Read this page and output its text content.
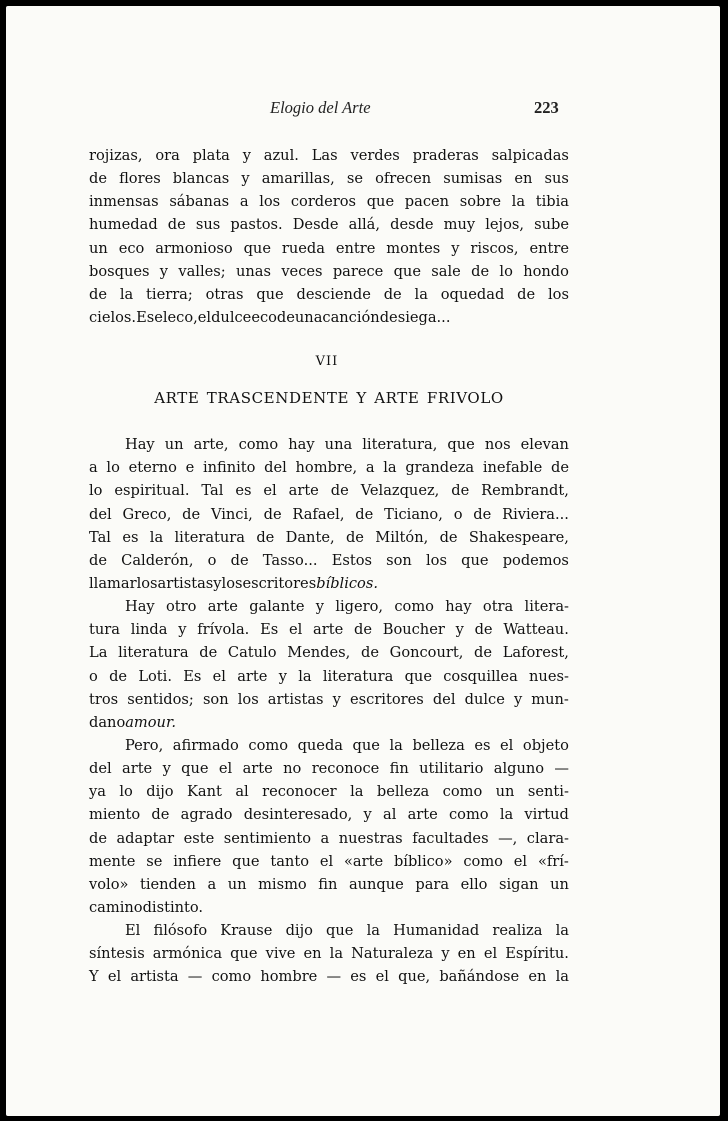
Elogio del Arte	223
rojizas, ora plata y azul. Las verdes praderas salpicadas
de flores blancas y amarillas, se ofrecen sumisas en sus
inmensas sábanas a los corderos que pacen sobre la tibia
humedad de sus pastos. Desde allá, desde muy lejos, sube
un eco armonioso que rueda entre montes y riscos, entre
bosques y valles; unas veces parece que sale de lo hondo
de la tierra; otras que desciende de la oquedad de los
cielos. Es el eco, el dulce eco de una canción de siega...
VII
ARTE TRASCENDENTE Y ARTE FRIVOLO
Hay un arte, como hay una literatura, que nos elevan
a lo eterno e infinito del hombre, a la grandeza inefable de
lo espiritual. Tal es el arte de Velazquez, de Rembrandt,
del Greco, de Vinci, de Rafael, de Ticiano, o de Riviera...
Tal es la literatura de Dante, de Miltón, de Shakespeare,
de Calderón, o de Tasso... Estos son los que podemos
llamar los artistas y los escritores bíblicos.
Hay otro arte galante y ligero, como hay otra litera-
tura linda y frívola. Es el arte de Boucher y de Watteau.
La literatura de Catulo Mendes, de Goncourt, de Laforest,
o de Loti. Es el arte y la literatura que cosquillea nues-
tros sentidos; son los artistas y escritores del dulce y mun-
dano amour.
Pero, afirmado como queda que la belleza es el objeto
del arte y que el arte no reconoce fin utilitario alguno —
ya lo dijo Kant al reconocer la belleza como un senti-
miento de agrado desinteresado, y al arte como la virtud
de adaptar este sentimiento a nuestras facultades —, clara-
mente se infiere que tanto el «arte bíblico» como el «frí-
volo» tienden a un mismo fin aunque para ello sigan un
camino distinto.
El filósofo Krause dijo que la Humanidad realiza la
síntesis armónica que vive en la Naturaleza y en el Espíritu.
Y el artista — como hombre — es el que, bañándose en la
